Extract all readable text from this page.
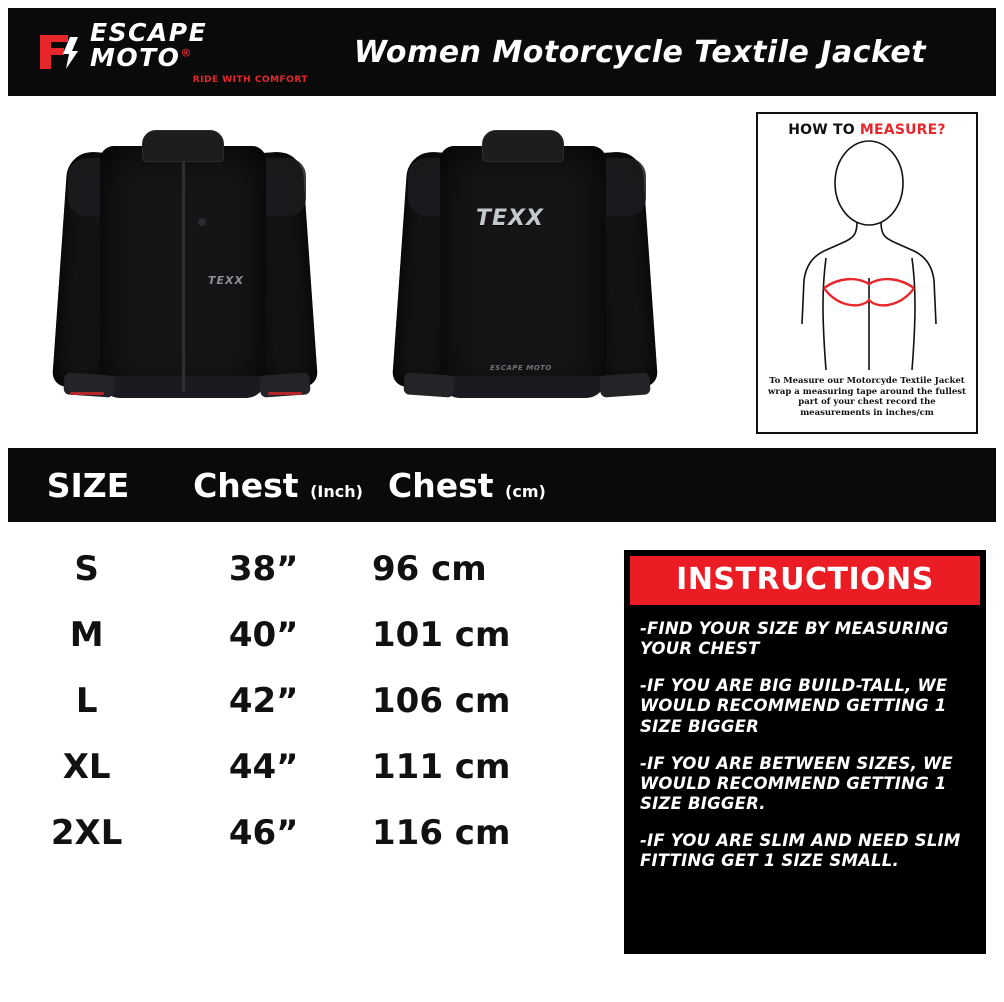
ESCAPE MOTO®
RIDE WITH COMFORT
Women Motorcycle Textile Jacket
TEXX
TEXX
ESCAPE MOTO
HOW TO MEASURE?
To Measure our Motorcyde Textile Jacket wrap a measuring tape around the fullest part of your chest record the measurements in inches/cm
SIZE	Chest (Inch) Chest (cm)
S	38”	96 cm
M	40”	101 cm
L	42”	106 cm
XL	44”	111 cm
2XL	46”	116 cm
INSTRUCTIONS
-FIND YOUR SIZE BY MEASURING YOUR CHEST
-IF YOU ARE BIG BUILD-TALL, WE WOULD RECOMMEND GETTING 1 SIZE BIGGER
-IF YOU ARE BETWEEN SIZES, WE WOULD RECOMMEND GETTING 1 SIZE BIGGER.
-IF YOU ARE SLIM AND NEED SLIM FITTING GET 1 SIZE SMALL.
